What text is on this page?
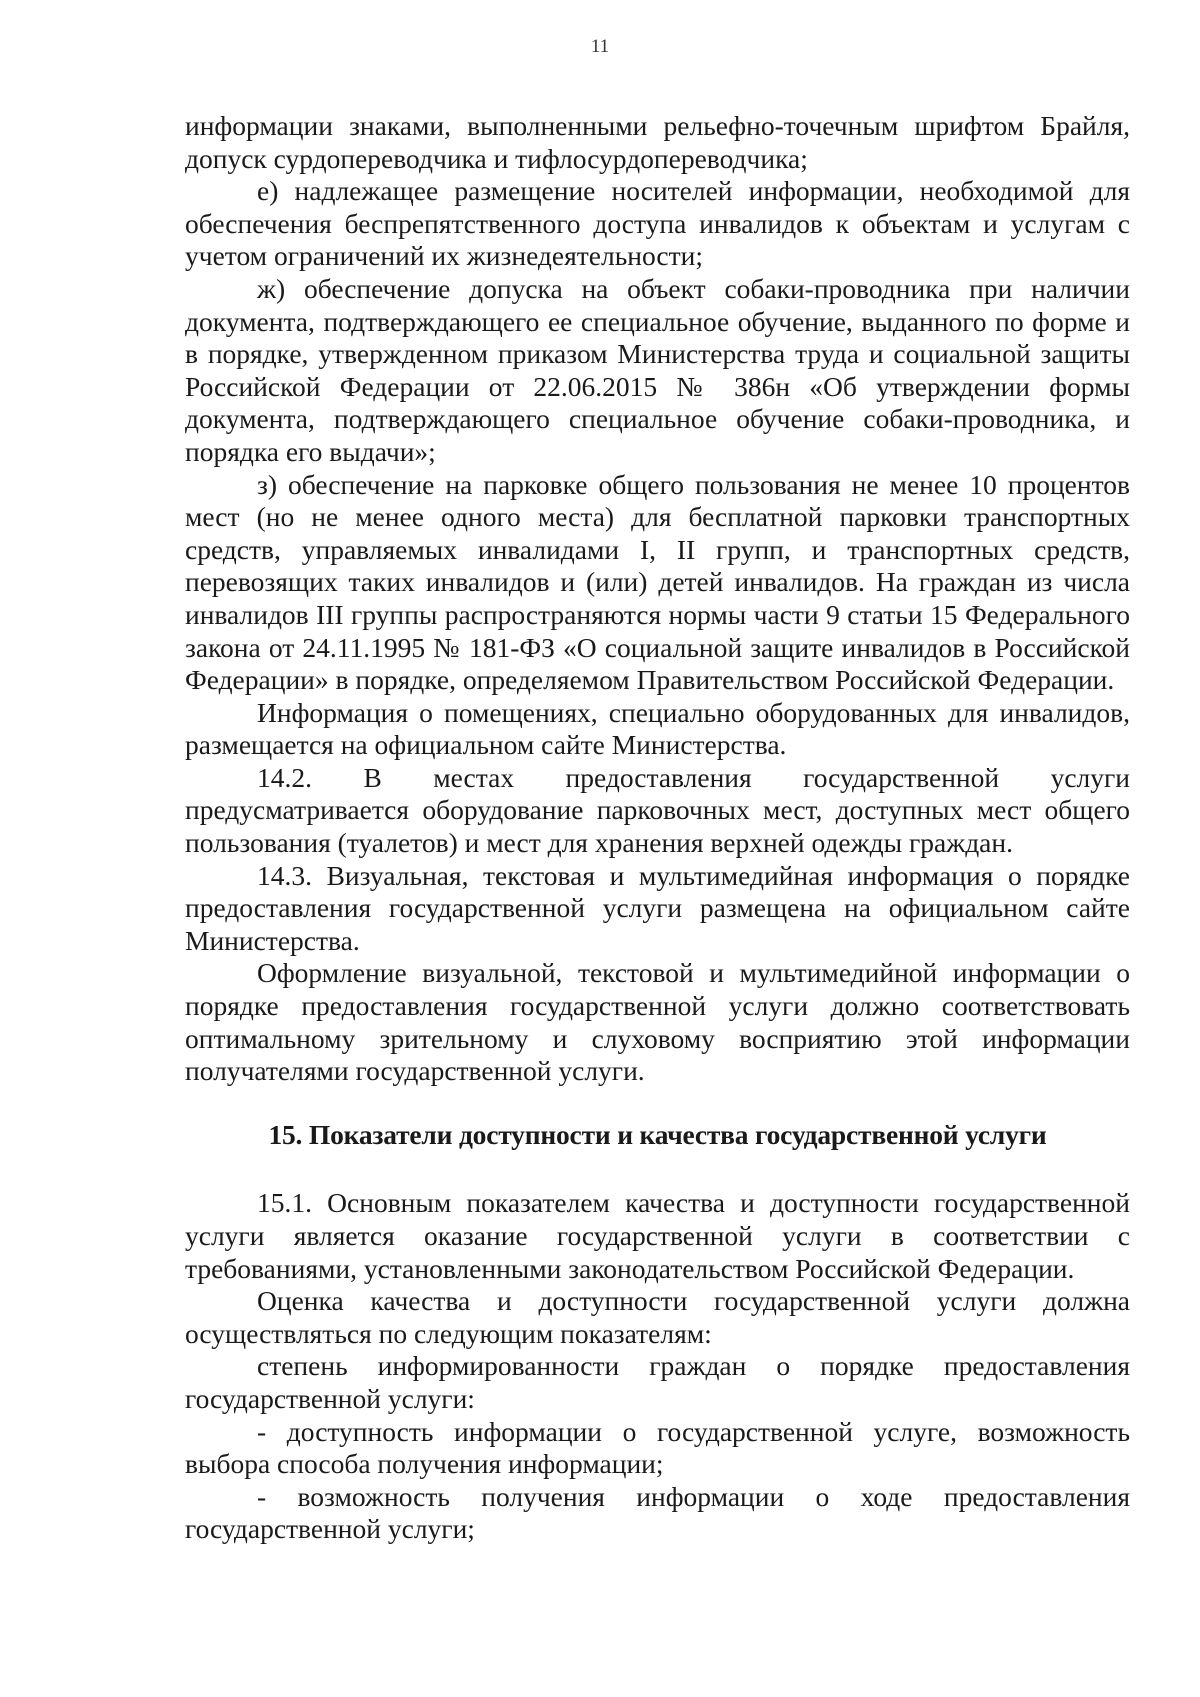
11

информации знаками, выполненными рельефно-точечным шрифтом Брайля, допуск сурдопереводчика и тифлосурдопереводчика;

е) надлежащее размещение носителей информации, необходимой для обеспечения беспрепятственного доступа инвалидов к объектам и услугам с учетом ограничений их жизнедеятельности;

ж) обеспечение допуска на объект собаки-проводника при наличии документа, подтверждающего ее специальное обучение, выданного по форме и в порядке, утвержденном приказом Министерства труда и социальной защиты Российской Федерации от 22.06.2015 № 386н «Об утверждении формы документа, подтверждающего специальное обучение собаки-проводника, и порядка его выдачи»;

з) обеспечение на парковке общего пользования не менее 10 процентов мест (но не менее одного места) для бесплатной парковки транспортных средств, управляемых инвалидами I, II групп, и транспортных средств, перевозящих таких инвалидов и (или) детей инвалидов. На граждан из числа инвалидов III группы распространяются нормы части 9 статьи 15 Федерального закона от 24.11.1995 № 181-ФЗ «О социальной защите инвалидов в Российской Федерации» в порядке, определяемом Правительством Российской Федерации.

Информация о помещениях, специально оборудованных для инвалидов, размещается на официальном сайте Министерства.

14.2. В местах предоставления государственной услуги предусматривается оборудование парковочных мест, доступных мест общего пользования (туалетов) и мест для хранения верхней одежды граждан.

14.3. Визуальная, текстовая и мультимедийная информация о порядке предоставления государственной услуги размещена на официальном сайте Министерства.

Оформление визуальной, текстовой и мультимедийной информации о порядке предоставления государственной услуги должно соответствовать оптимальному зрительному и слуховому восприятию этой информации получателями государственной услуги.

15. Показатели доступности и качества государственной услуги

15.1. Основным показателем качества и доступности государственной услуги является оказание государственной услуги в соответствии с требованиями, установленными законодательством Российской Федерации.

Оценка качества и доступности государственной услуги должна осуществляться по следующим показателям:

степень информированности граждан о порядке предоставления государственной услуги:

- доступность информации о государственной услуге, возможность выбора способа получения информации;

- возможность получения информации о ходе предоставления государственной услуги;
